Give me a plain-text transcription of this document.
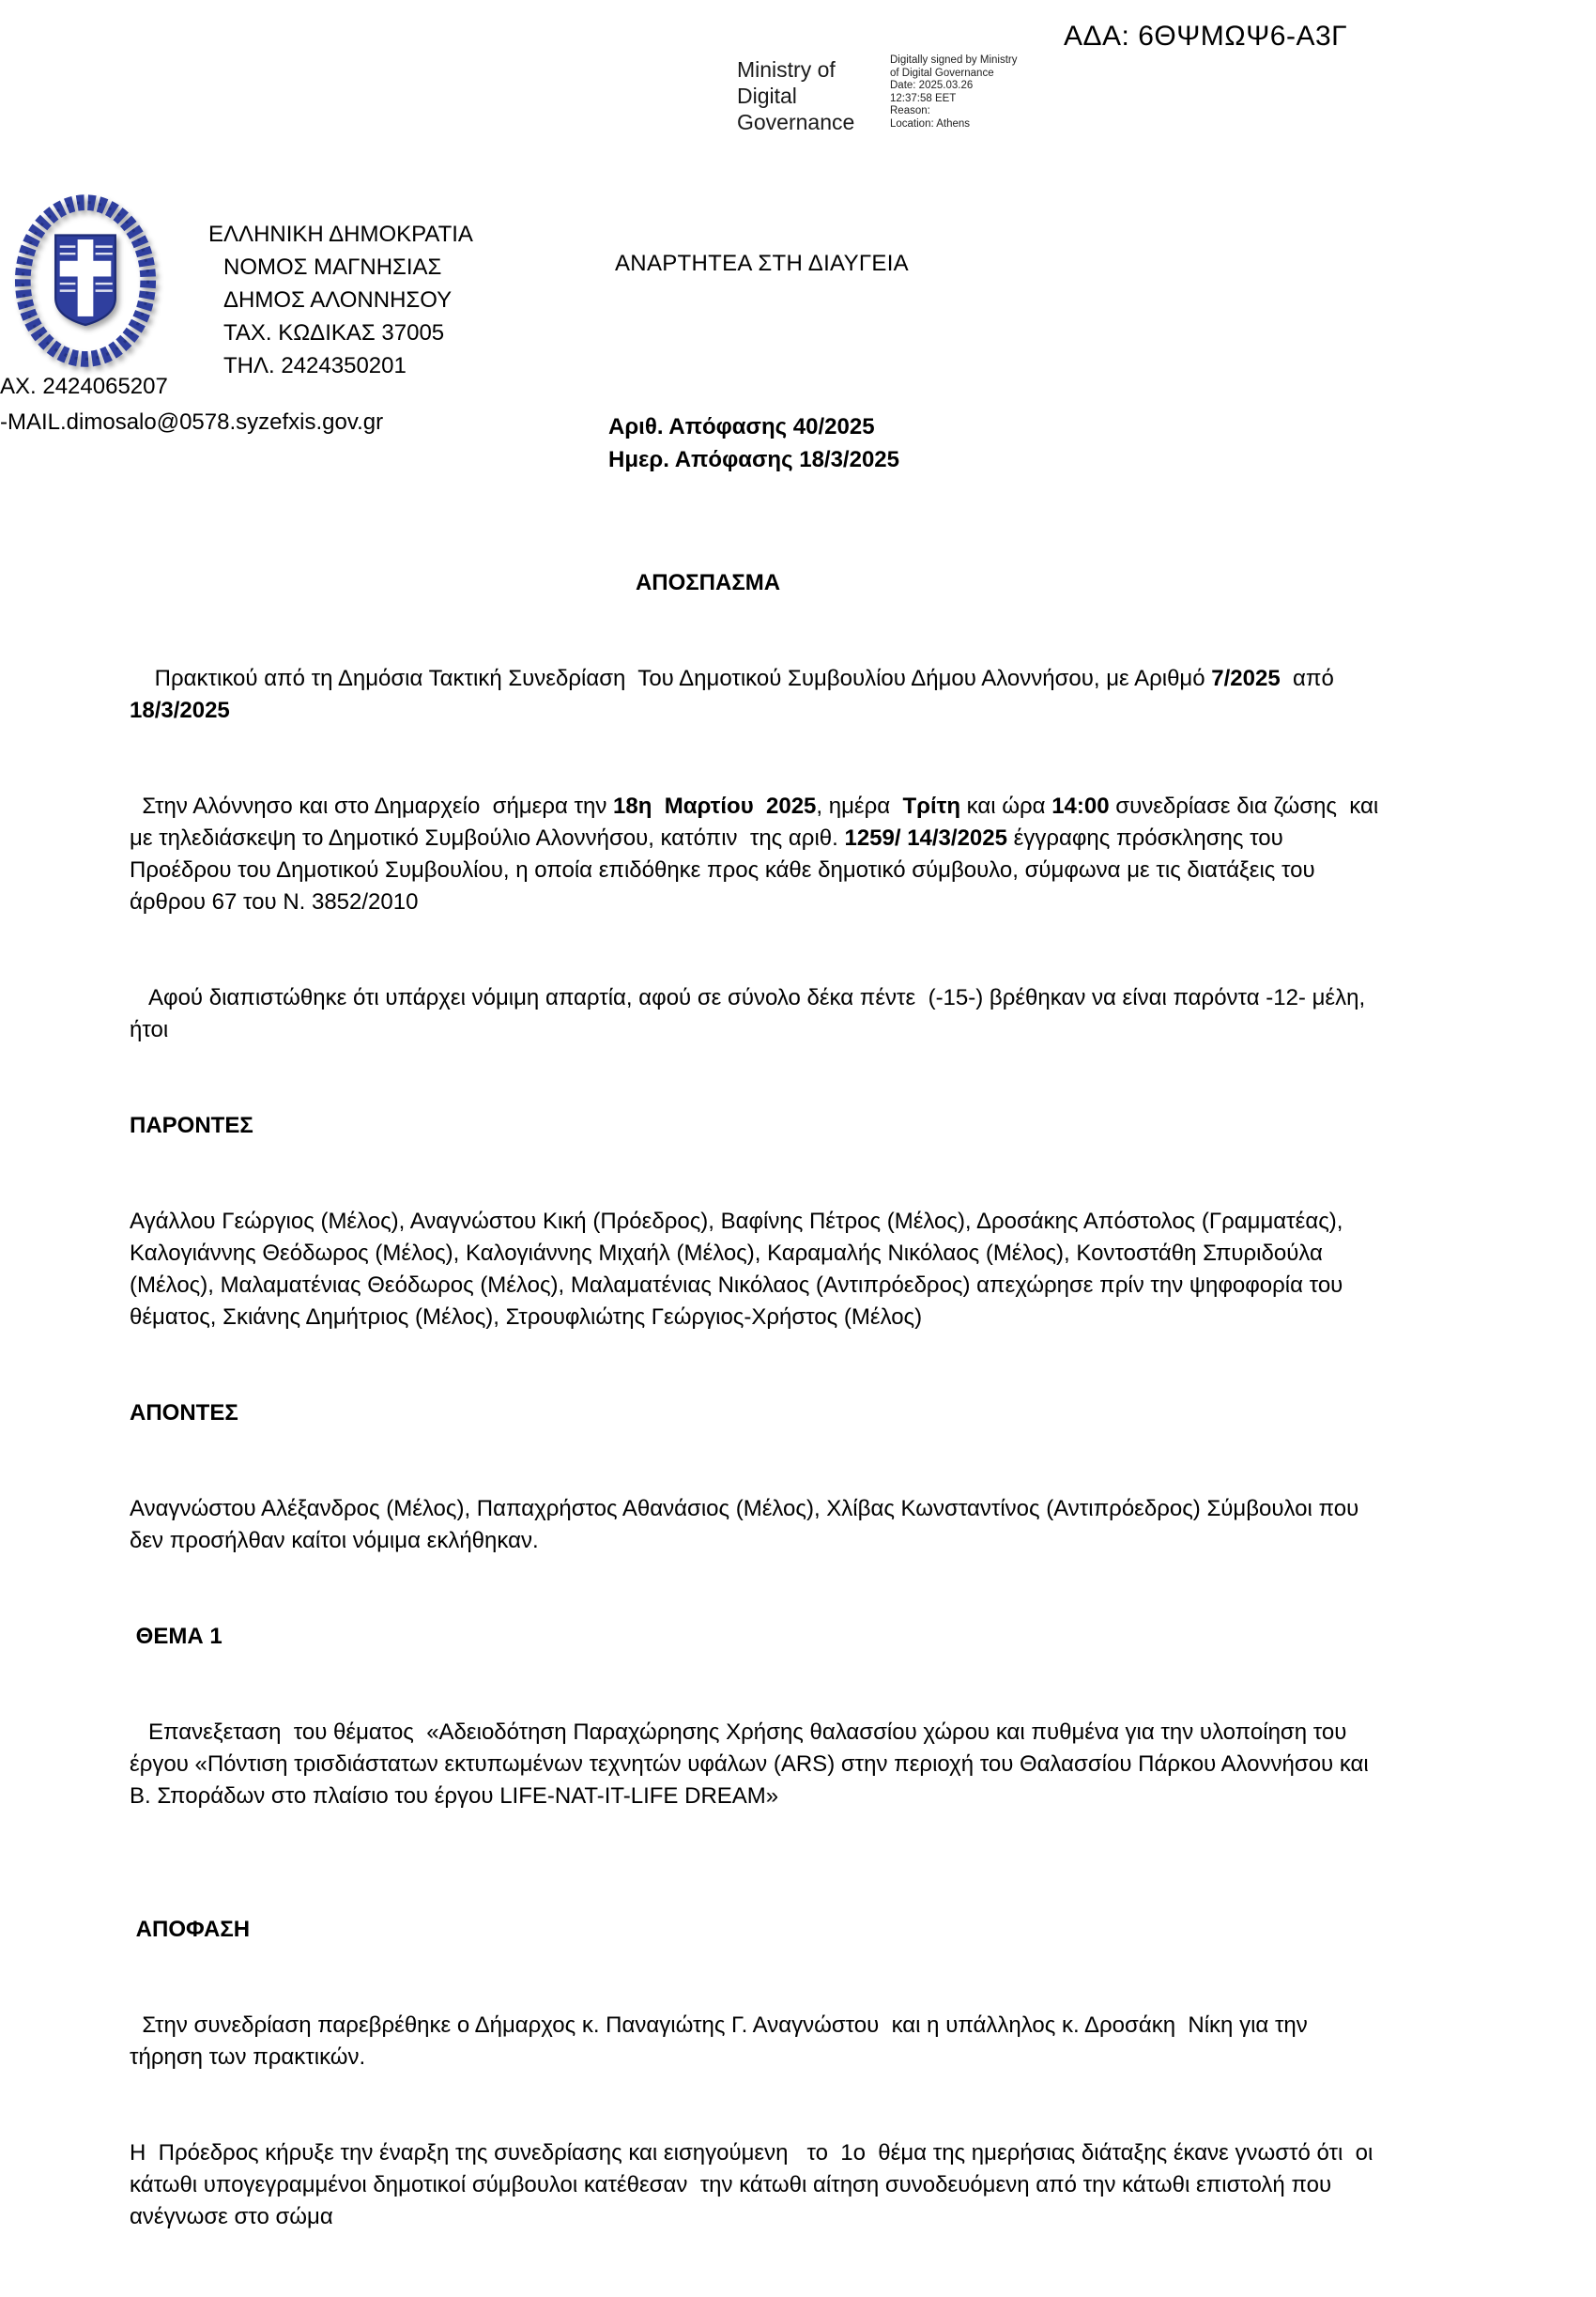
ΑΔΑ: 6ΘΨΜΩΨ6-Α3Γ
Ministry of
Digital
Governance
Digitally signed by Ministry
of Digital Governance
Date: 2025.03.26
12:37:58 EET
Reason:
Location: Athens
ΕΛΛΗΝΙΚΗ ΔΗΜΟΚΡΑΤΙΑ
ΝΟΜΟΣ ΜΑΓΝΗΣΙΑΣ
ΔΗΜΟΣ ΑΛΟΝΝΗΣΟΥ
ΤΑΧ. ΚΩΔΙΚΑΣ 37005
ΤΗΛ. 2424350201
ΑΧ. 2424065207
-MAIL.dimosalo@0578.syzefxis.gov.gr
ΑΝΑΡΤΗΤΕΑ ΣΤΗ ΔΙΑΥΓΕΙΑ
Αριθ. Απόφασης 40/2025
Ημερ. Απόφασης 18/3/2025

ΑΠΟΣΠΑΣΜΑ

Πρακτικού από τη Δημόσια Τακτική Συνεδρίαση  Του Δημοτικού Συμβουλίου Δήμου Αλοννήσου, με Αριθμό 7/2025  από    18/3/2025

Στην Αλόννησο και στο Δημαρχείο  σήμερα την 18η  Μαρτίου  2025, ημέρα  Τρίτη και ώρα 14:00 συνεδρίασε δια ζώσης  και με τηλεδιάσκεψη το Δημοτικό Συμβούλιο Αλοννήσου, κατόπιν  της αριθ. 1259/ 14/3/2025 έγγραφης πρόσκλησης του Προέδρου του Δημοτικού Συμβουλίου, η οποία επιδόθηκε προς κάθε δημοτικό σύμβουλο, σύμφωνα με τις διατάξεις του άρθρου 67 του Ν. 3852/2010

Αφού διαπιστώθηκε ότι υπάρχει νόμιμη απαρτία, αφού σε σύνολο δέκα πέντε  (-15-) βρέθηκαν να είναι παρόντα -12- μέλη, ήτοι

ΠΑΡΟΝΤΕΣ

Αγάλλου Γεώργιος (Μέλος), Αναγνώστου Κική (Πρόεδρος), Βαφίνης Πέτρος (Μέλος), Δροσάκης Απόστολος (Γραμματέας), Καλογιάννης Θεόδωρος (Μέλος), Καλογιάννης Μιχαήλ (Μέλος), Καραμαλής Νικόλαος (Μέλος), Κοντοστάθη Σπυριδούλα (Μέλος), Μαλαματένιας Θεόδωρος (Μέλος), Μαλαματένιας Νικόλαος (Αντιπρόεδρος) απεχώρησε πρίν την ψηφοφορία του θέματος, Σκιάνης Δημήτριος (Μέλος), Στρουφλιώτης Γεώργιος-Χρήστος (Μέλος)

ΑΠΟΝΤΕΣ

Αναγνώστου Αλέξανδρος (Μέλος), Παπαχρήστος Αθανάσιος (Μέλος), Χλίβας Κωνσταντίνος (Αντιπρόεδρος) Σύμβουλοι που δεν προσήλθαν καίτοι νόμιμα εκλήθηκαν.

ΘΕΜΑ 1

Επανεξεταση  του θέματος  «Αδειοδότηση Παραχώρησης Χρήσης θαλασσίου χώρου και πυθμένα για την υλοποίηση του έργου «Πόντιση τρισδιάστατων εκτυπωμένων τεχνητών υφάλων (ARS) στην περιοχή του Θαλασσίου Πάρκου Αλοννήσου και Β. Σποράδων στο πλαίσιο του έργου LIFE-NAT-IT-LIFE DREAM»

ΑΠΟΦΑΣΗ

Στην συνεδρίαση παρεβρέθηκε ο Δήμαρχος κ. Παναγιώτης Γ. Αναγνώστου  και η υπάλληλος κ. Δροσάκη  Νίκη για την τήρηση των πρακτικών.

Η  Πρόεδρος κήρυξε την έναρξη της συνεδρίασης και εισηγούμενη   το  1ο  θέμα της ημερήσιας διάταξης έκανε γνωστό ότι  οι  κάτωθι υπογεγραμμένοι δημοτικοί σύμβουλοι κατέθεσαν  την κάτωθι αίτηση συνοδευόμενη από την κάτωθι επιστολή που  ανέγνωσε στο σώμα
